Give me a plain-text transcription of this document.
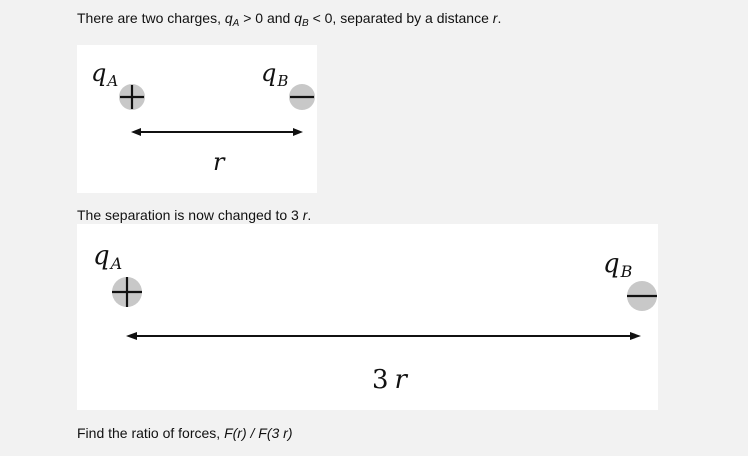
There are two charges, $q_A > 0$ and $q_B < 0$, separated by a distance r.
$q_A$	$q_B$
r
The separation is now changed to 3 r.
qA	qB
3 r
Find the ratio of forces, F(r) / F(3 r)
